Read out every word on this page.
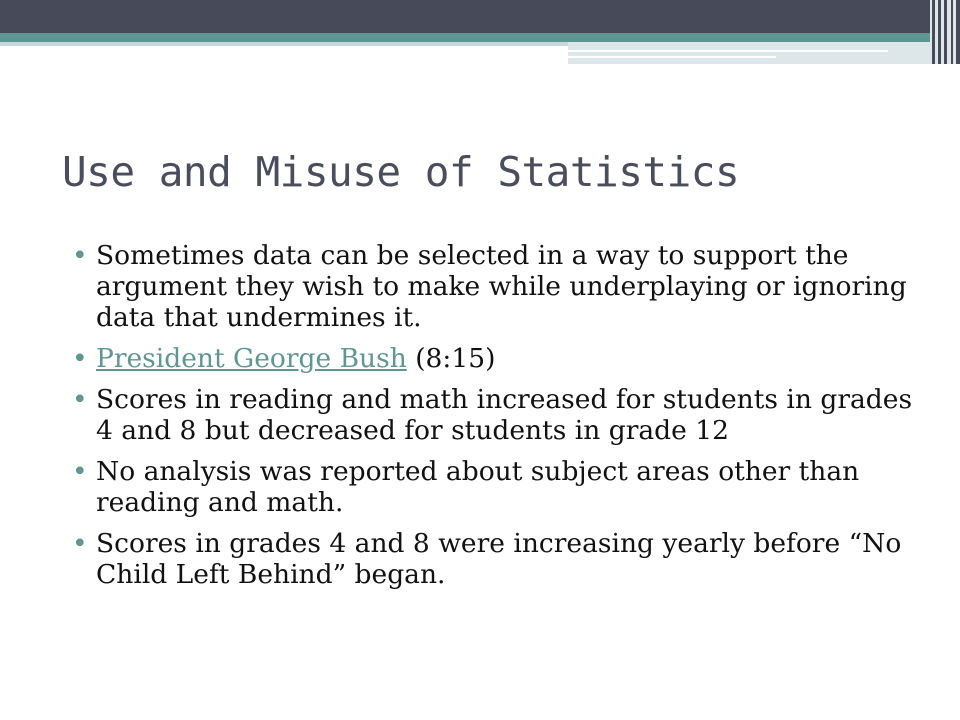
Use and Misuse of Statistics
• Sometimes data can be selected in a way to support the argument they wish to make while underplaying or ignoring data that undermines it.
• President George Bush (8:15)
• Scores in reading and math increased for students in grades 4 and 8 but decreased for students in grade 12
• No analysis was reported about subject areas other than reading and math.
• Scores in grades 4 and 8 were increasing yearly before “No Child Left Behind” began.
